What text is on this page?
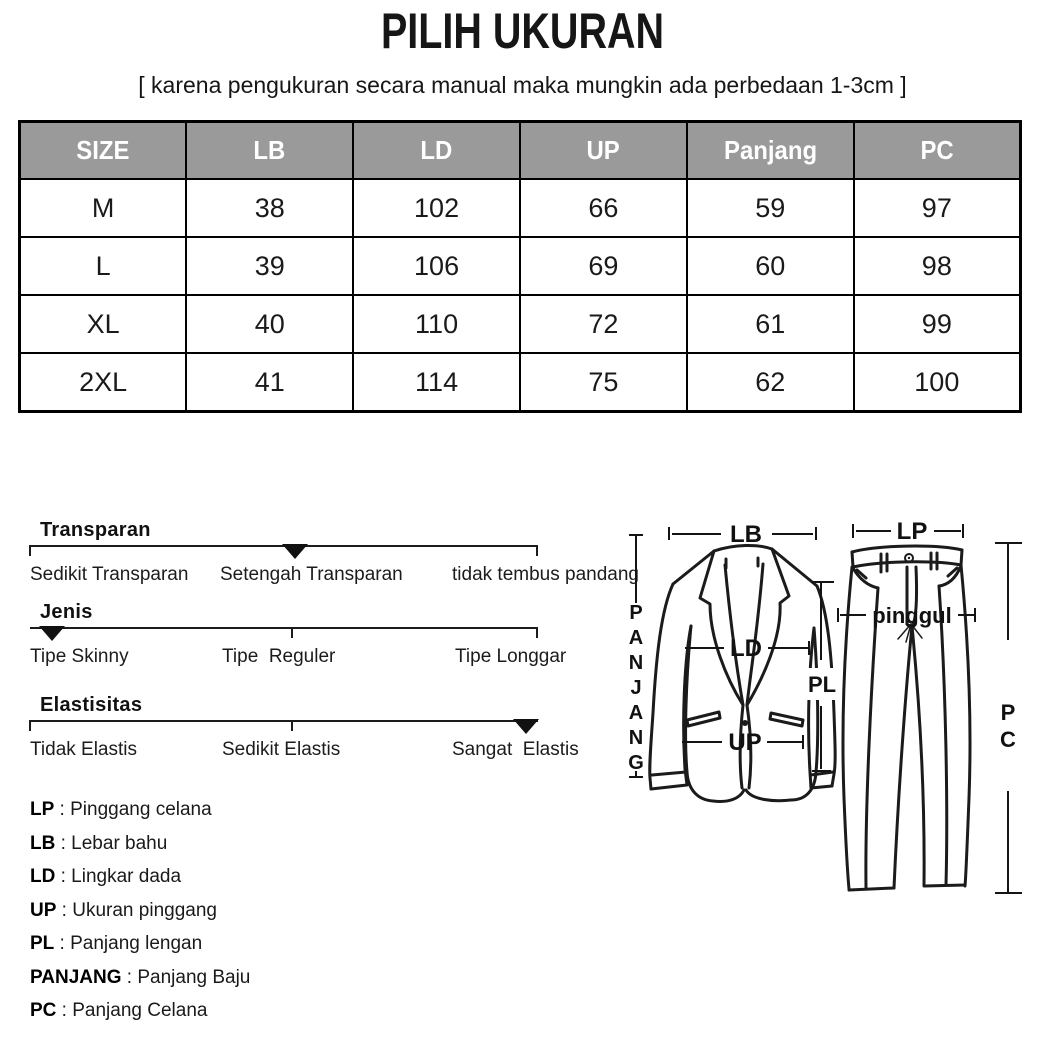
PILIH UKURAN
[ karena pengukuran secara manual maka mungkin ada perbedaan 1-3cm ]
SIZE	LB	LD	UP	Panjang	PC
M	38	102	66	59	97
L	39	106	69	60	98
XL	40	110	72	61	99
2XL	41	114	75	62	100
Transparan
Sedikit Transparan Setengah Transparan	tidak tembus pandang
Jenis
Tipe Skinny	Tipe  Reguler	Tipe Longgar
Elastisitas
Tidak Elastis	Sedikit Elastis	Sangat  Elastis
LP : Pinggang celana
LB : Lebar bahu
LD : Lingkar dada
UP : Ukuran pinggang
PL : Panjang lengan
PANJANG : Panjang Baju
PC : Panjang Celana
LB
LD
PL
UP
P
A
N
J
A
N
G
LP
pinggul
P
C
